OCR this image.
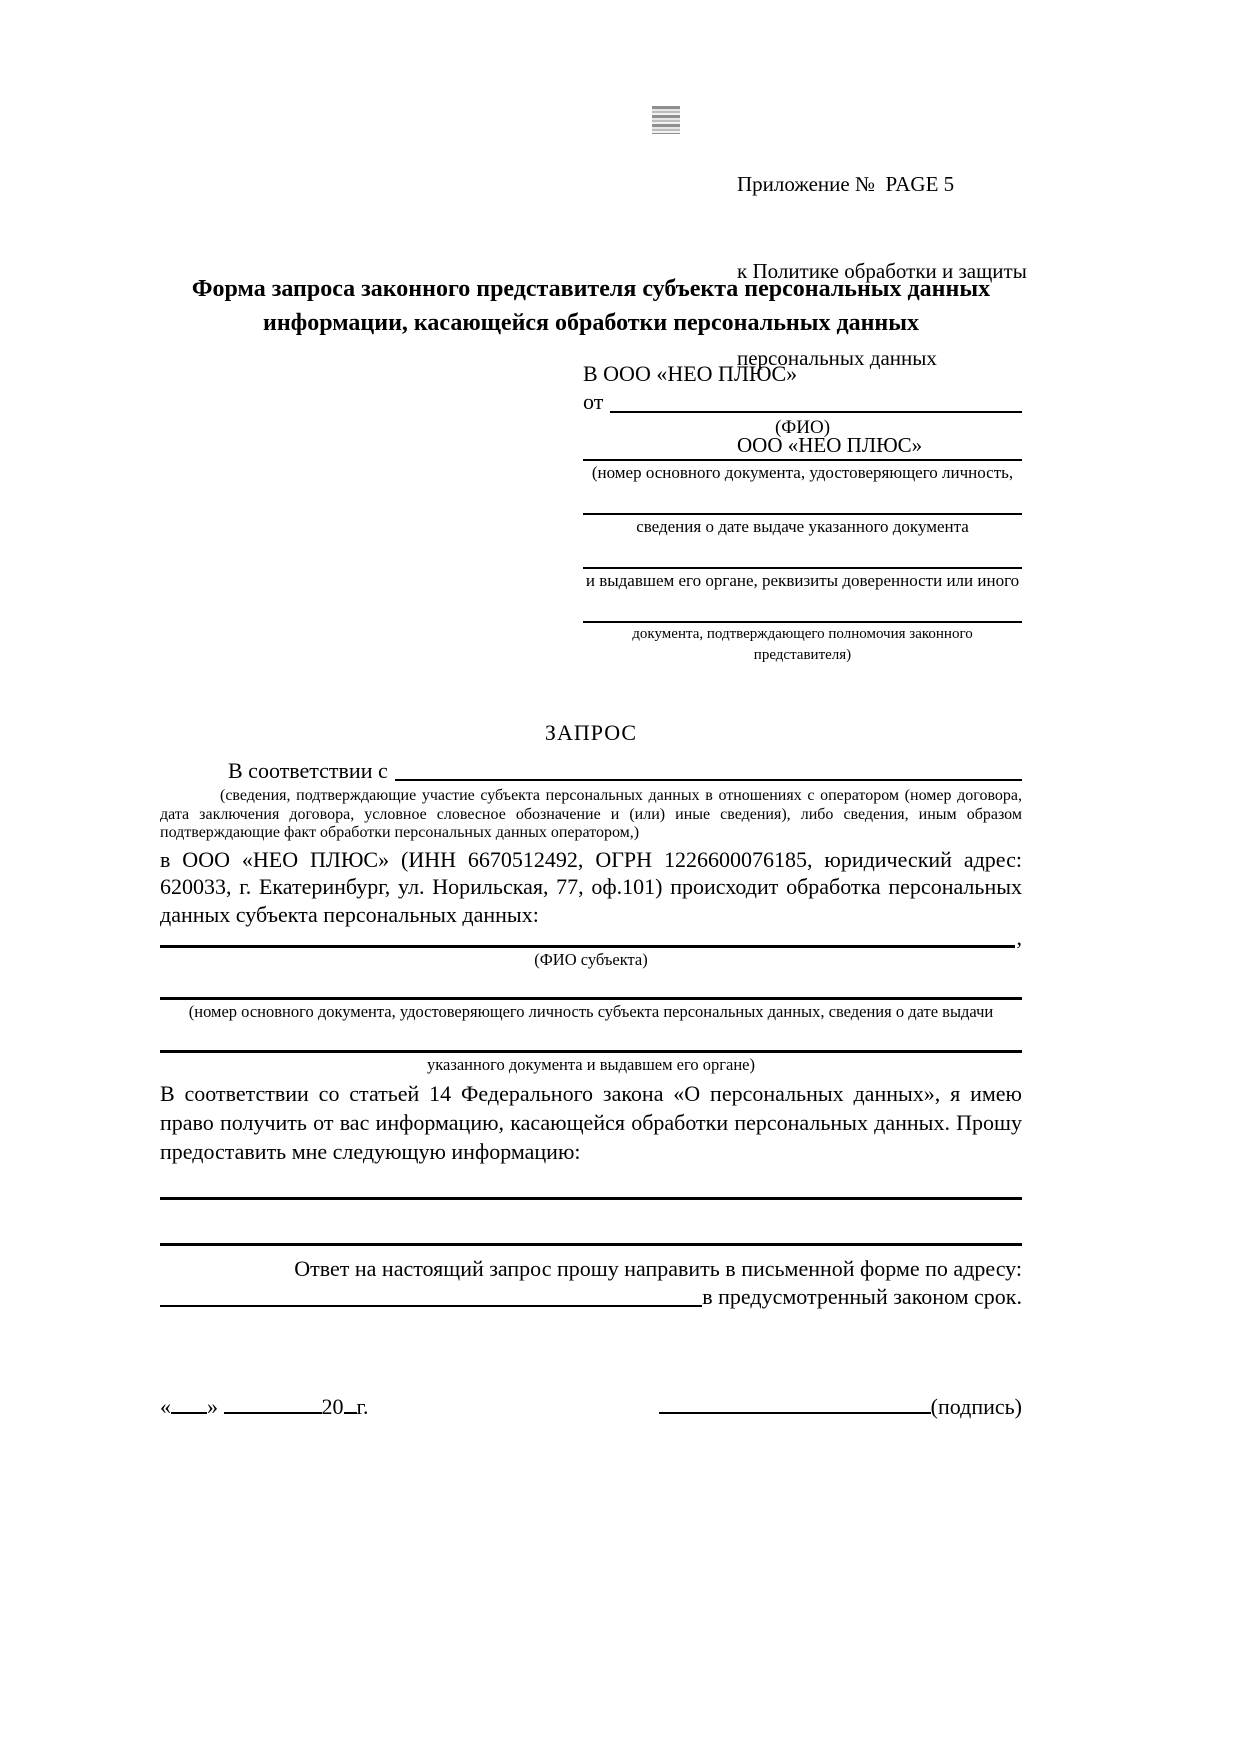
Приложение №  PAGE 5

к Политике обработки и защиты

персональных данных

ООО «НЕО ПЛЮС»

Форма запроса законного представителя субъекта персональных данных
информации, касающейся обработки персональных данных
В ООО «НЕО ПЛЮС»
от
(ФИО)
(номер основного документа, удостоверяющего личность,
сведения о дате выдаче указанного документа
и выдавшем его органе, реквизиты доверенности или иного
документа, подтверждающего полномочия законного представителя)
ЗАПРОС
В соответствии с
(сведения, подтверждающие участие субъекта персональных данных в отношениях с оператором (номер договора, дата заключения договора, условное словесное обозначение и (или) иные сведения), либо сведения, иным образом подтверждающие факт обработки персональных данных оператором,)
в ООО «НЕО ПЛЮС» (ИНН 6670512492, ОГРН 1226600076185, юридический адрес: 620033, г. Екатеринбург, ул. Норильская, 77, оф.101) происходит обработка персональных данных субъекта персональных данных:
,
(ФИО субъекта)
(номер основного документа, удостоверяющего личность субъекта персональных данных, сведения о дате выдачи
указанного документа и выдавшем его органе)
В соответствии со статьей 14 Федерального закона «О персональных данных», я имею право получить от вас информацию, касающейся обработки персональных данных. Прошу предоставить мне следующую информацию:
Ответ на настоящий запрос прошу направить в письменной форме по адресу:
в предусмотренный законом срок.
« »	20 г.	(подпись)
